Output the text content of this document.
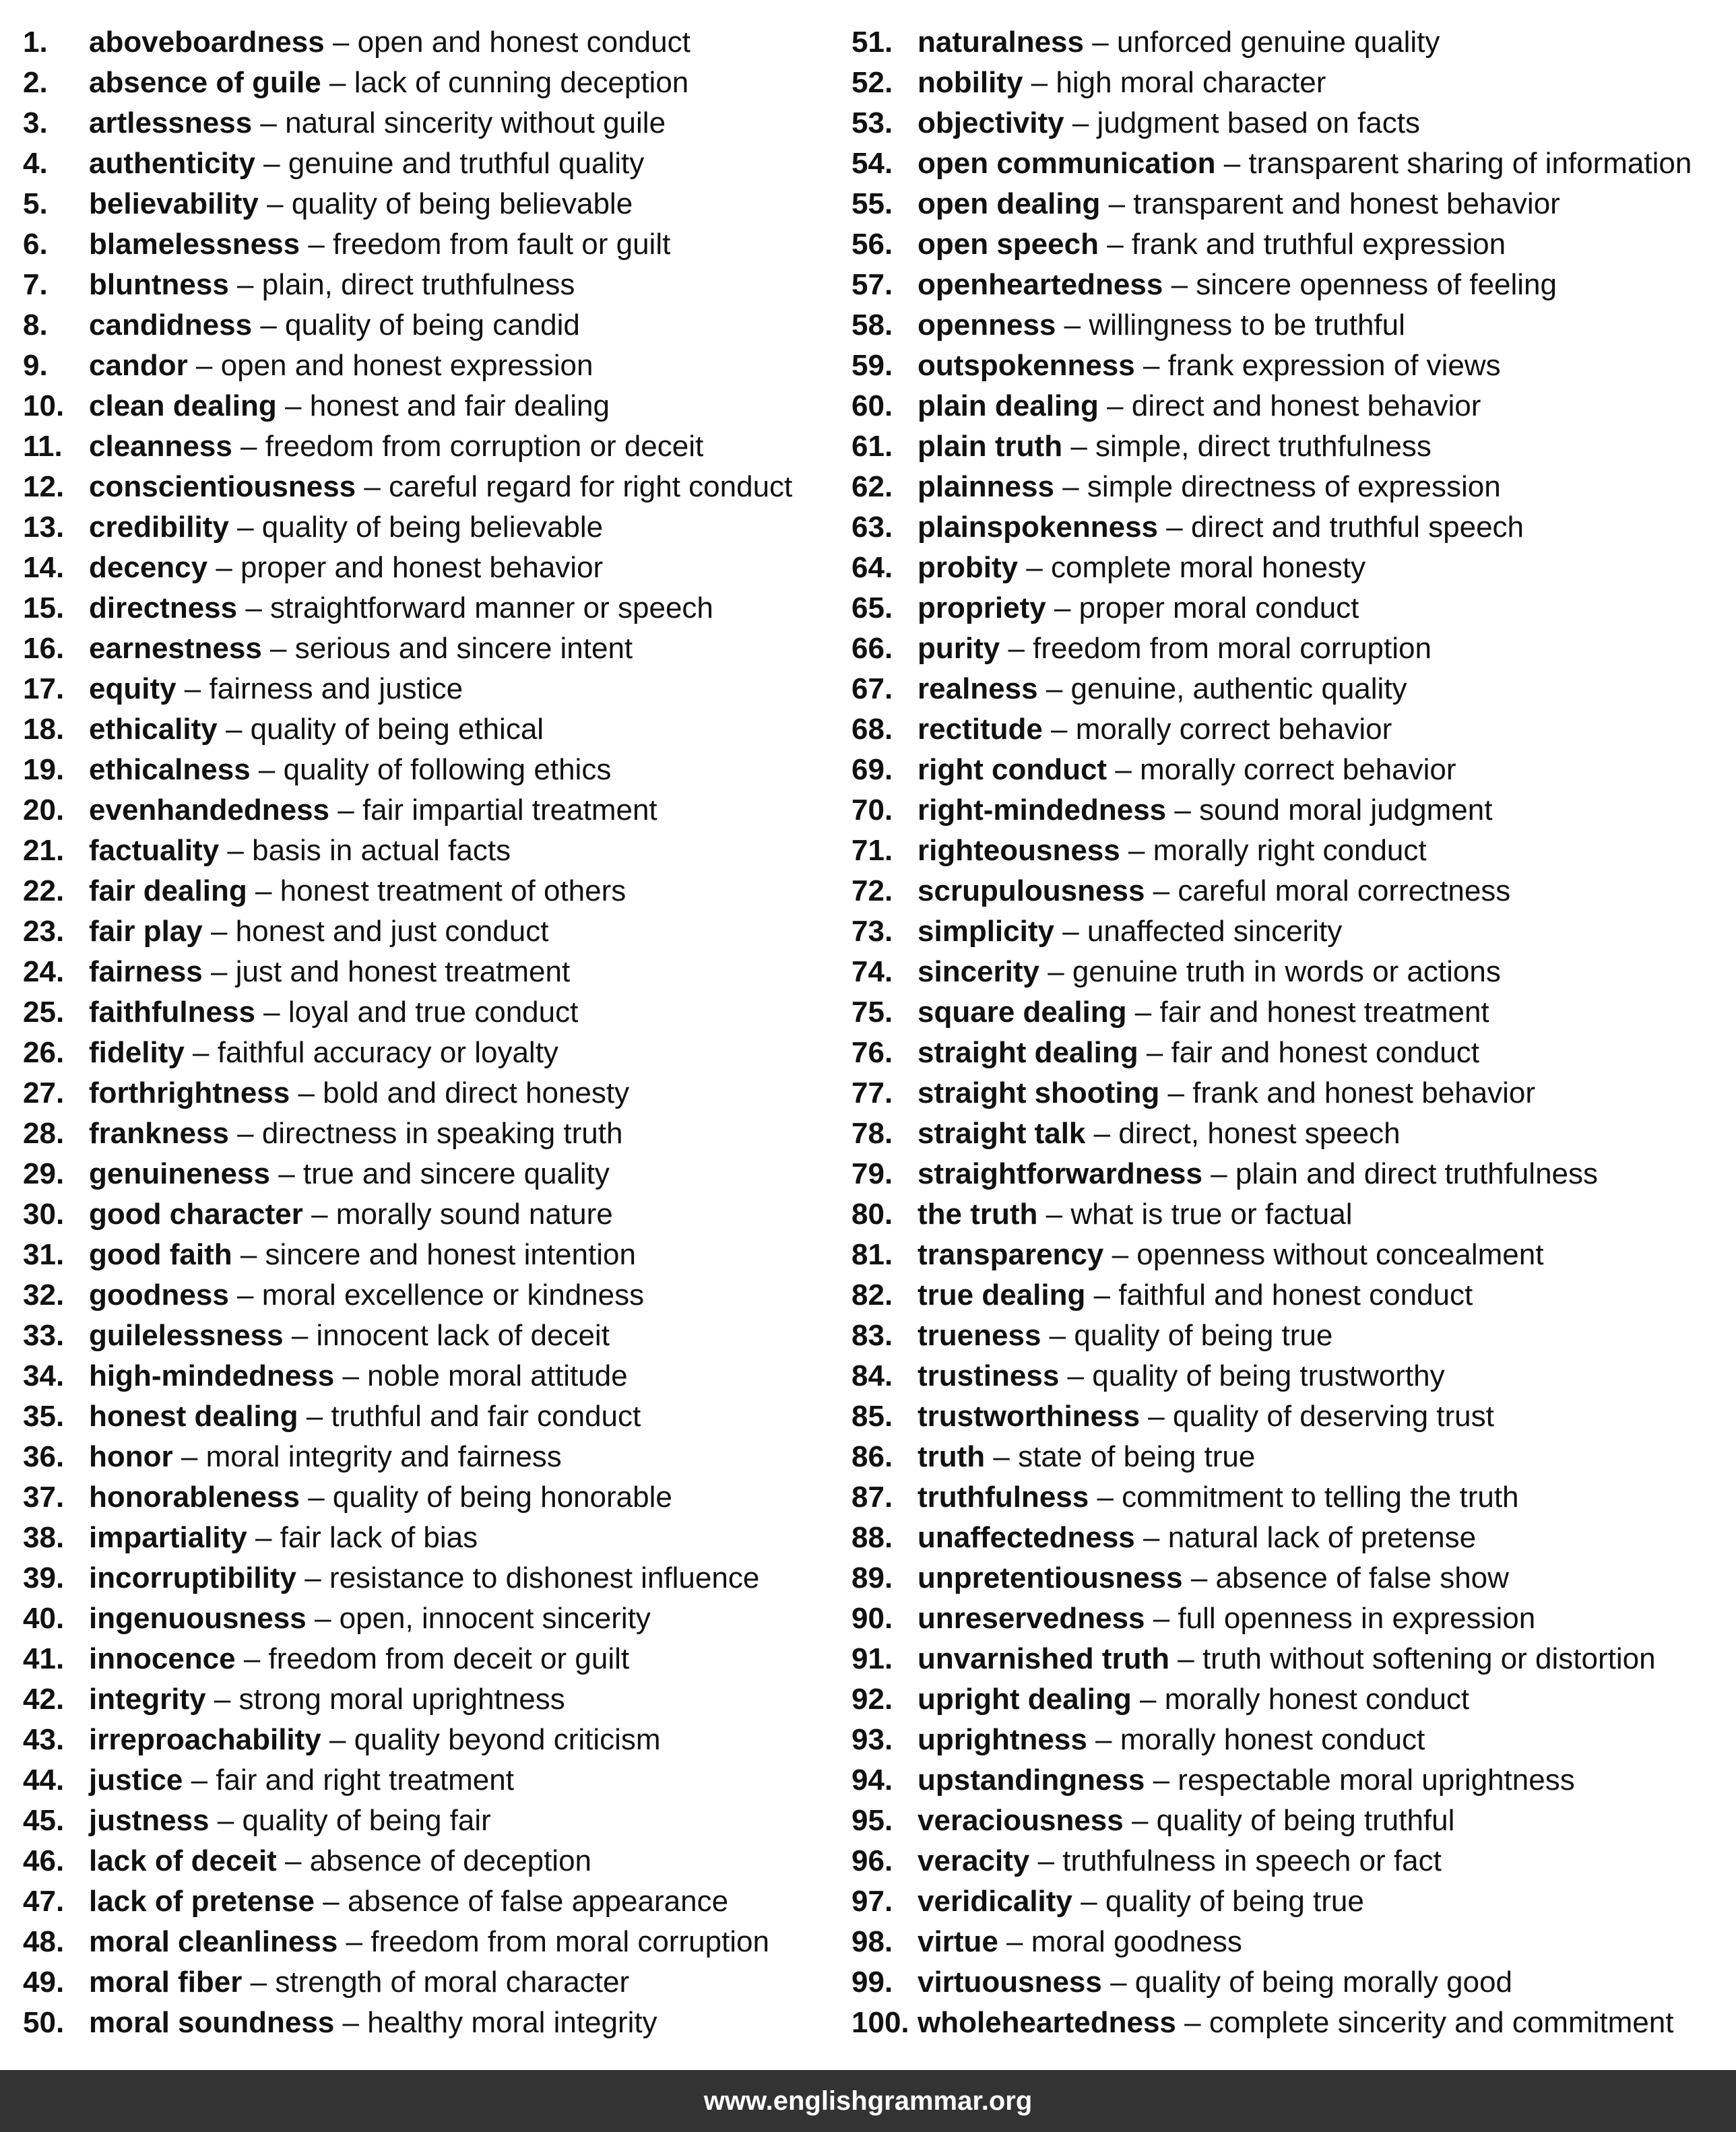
1.	aboveboardness – open and honest conduct
2.	absence of guile – lack of cunning deception
3.	artlessness – natural sincerity without guile
4.	authenticity – genuine and truthful quality
5.	believability – quality of being believable
6.	blamelessness – freedom from fault or guilt
7.	bluntness – plain, direct truthfulness
8.	candidness – quality of being candid
9.	candor – open and honest expression
10. clean dealing – honest and fair dealing
11. cleanness – freedom from corruption or deceit
12. conscientiousness – careful regard for right conduct
13. credibility – quality of being believable
14. decency – proper and honest behavior
15. directness – straightforward manner or speech
16. earnestness – serious and sincere intent
17. equity – fairness and justice
18. ethicality – quality of being ethical
19. ethicalness – quality of following ethics
20. evenhandedness – fair impartial treatment
21. factuality – basis in actual facts
22. fair dealing – honest treatment of others
23. fair play – honest and just conduct
24. fairness – just and honest treatment
25. faithfulness – loyal and true conduct
26. fidelity – faithful accuracy or loyalty
27. forthrightness – bold and direct honesty
28. frankness – directness in speaking truth
29. genuineness – true and sincere quality
30. good character – morally sound nature
31. good faith – sincere and honest intention
32. goodness – moral excellence or kindness
33. guilelessness – innocent lack of deceit
34. high-mindedness – noble moral attitude
35. honest dealing – truthful and fair conduct
36. honor – moral integrity and fairness
37. honorableness – quality of being honorable
38. impartiality – fair lack of bias
39. incorruptibility – resistance to dishonest influence
40. ingenuousness – open, innocent sincerity
41. innocence – freedom from deceit or guilt
42. integrity – strong moral uprightness
43. irreproachability – quality beyond criticism
44. justice – fair and right treatment
45. justness – quality of being fair
46. lack of deceit – absence of deception
47. lack of pretense – absence of false appearance
48. moral cleanliness – freedom from moral corruption
49. moral fiber – strength of moral character
50. moral soundness – healthy moral integrity
51. naturalness – unforced genuine quality
52. nobility – high moral character
53. objectivity – judgment based on facts
54. open communication – transparent sharing of information
55. open dealing – transparent and honest behavior
56. open speech – frank and truthful expression
57. openheartedness – sincere openness of feeling
58. openness – willingness to be truthful
59. outspokenness – frank expression of views
60. plain dealing – direct and honest behavior
61. plain truth – simple, direct truthfulness
62. plainness – simple directness of expression
63. plainspokenness – direct and truthful speech
64. probity – complete moral honesty
65. propriety – proper moral conduct
66. purity – freedom from moral corruption
67. realness – genuine, authentic quality
68. rectitude – morally correct behavior
69. right conduct – morally correct behavior
70. right-mindedness – sound moral judgment
71. righteousness – morally right conduct
72. scrupulousness – careful moral correctness
73. simplicity – unaffected sincerity
74. sincerity – genuine truth in words or actions
75. square dealing – fair and honest treatment
76. straight dealing – fair and honest conduct
77. straight shooting – frank and honest behavior
78. straight talk – direct, honest speech
79. straightforwardness – plain and direct truthfulness
80. the truth – what is true or factual
81. transparency – openness without concealment
82. true dealing – faithful and honest conduct
83. trueness – quality of being true
84. trustiness – quality of being trustworthy
85. trustworthiness – quality of deserving trust
86. truth – state of being true
87. truthfulness – commitment to telling the truth
88. unaffectedness – natural lack of pretense
89. unpretentiousness – absence of false show
90. unreservedness – full openness in expression
91. unvarnished truth – truth without softening or distortion
92. upright dealing – morally honest conduct
93. uprightness – morally honest conduct
94. upstandingness – respectable moral uprightness
95. veraciousness – quality of being truthful
96. veracity – truthfulness in speech or fact
97. veridicality – quality of being true
98. virtue – moral goodness
99. virtuousness – quality of being morally good
100. wholeheartedness – complete sincerity and commitment
www.englishgrammar.org
